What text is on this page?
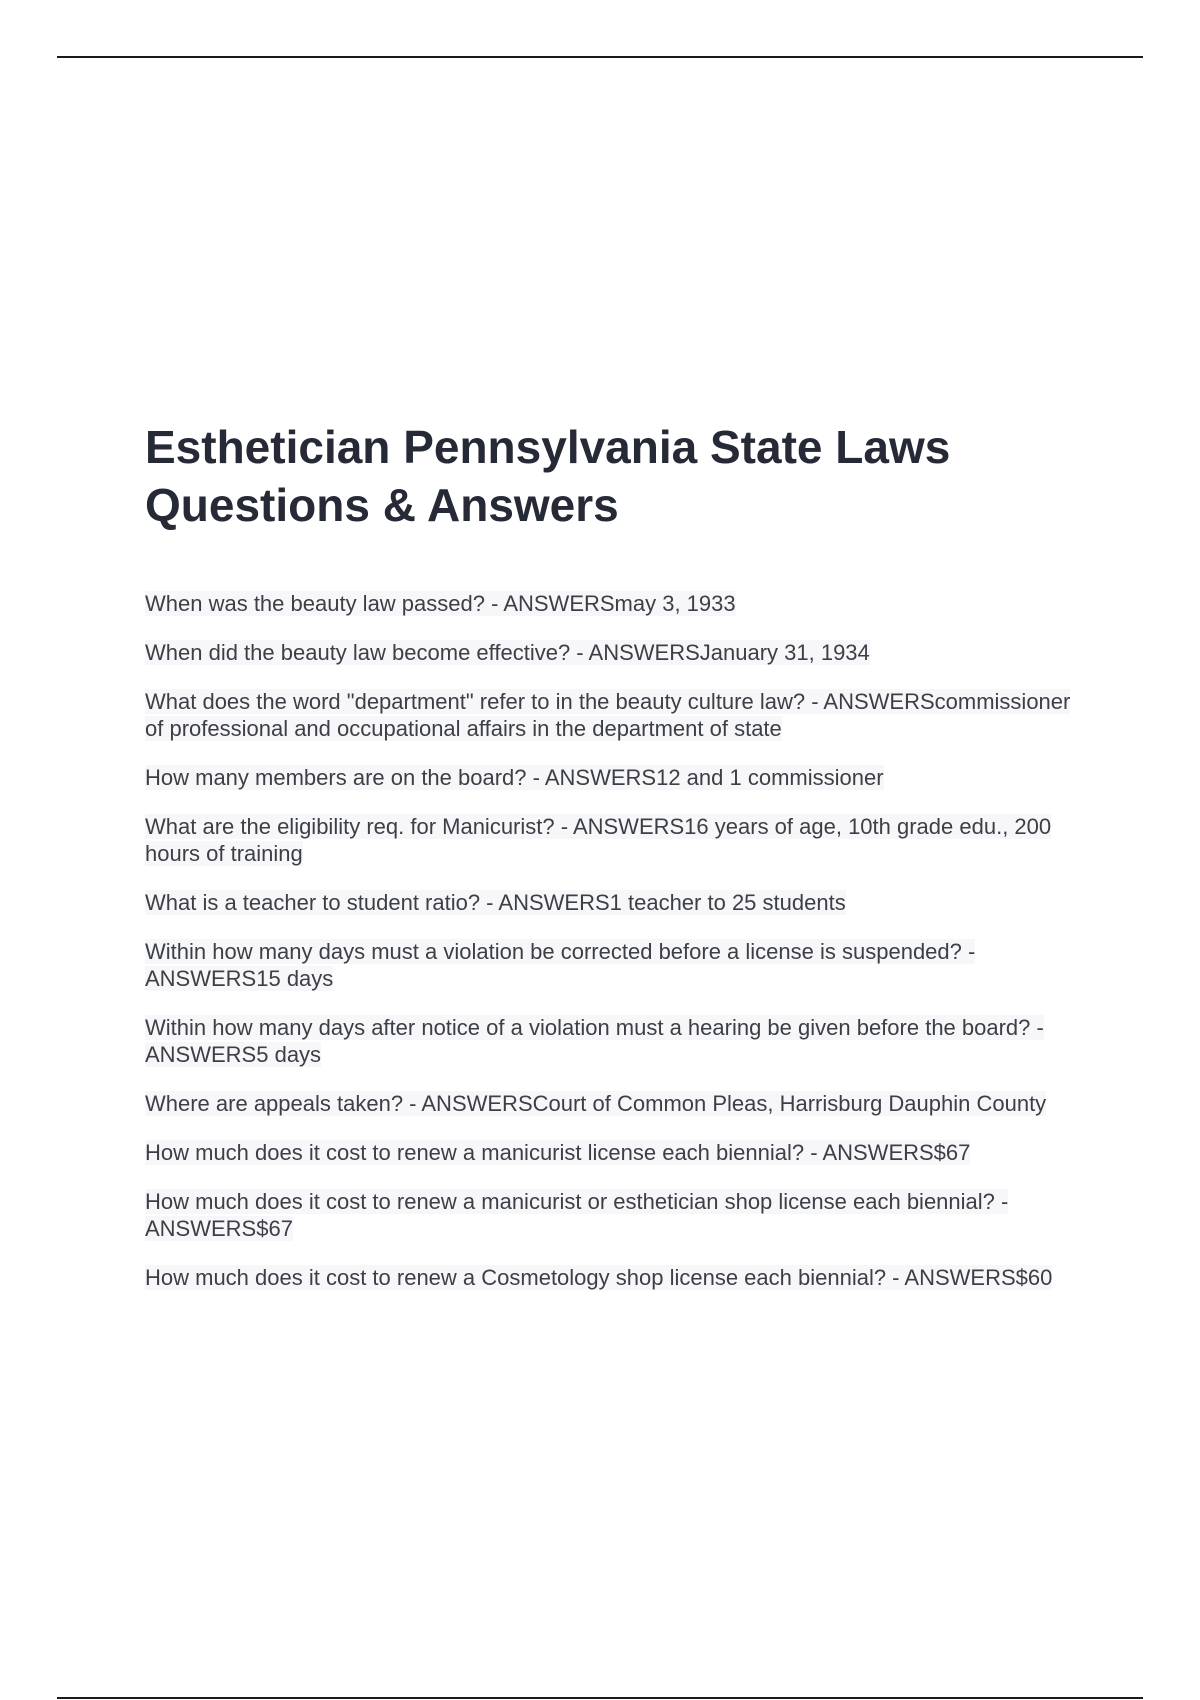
Esthetician Pennsylvania State Laws Questions & Answers
When was the beauty law passed? - ANSWERSmay 3, 1933
When did the beauty law become effective? - ANSWERSJanuary 31, 1934
What does the word "department" refer to in the beauty culture law? - ANSWERScommissioner of professional and occupational affairs in the department of state
How many members are on the board? - ANSWERS12 and 1 commissioner
What are the eligibility req. for Manicurist? - ANSWERS16 years of age, 10th grade edu., 200 hours of training
What is a teacher to student ratio? - ANSWERS1 teacher to 25 students
Within how many days must a violation be corrected before a license is suspended? - ANSWERS15 days
Within how many days after notice of a violation must a hearing be given before the board? - ANSWERS5 days
Where are appeals taken? - ANSWERSCourt of Common Pleas, Harrisburg Dauphin County
How much does it cost to renew a manicurist license each biennial? - ANSWERS$67
How much does it cost to renew a manicurist or esthetician shop license each biennial? - ANSWERS$67
How much does it cost to renew a Cosmetology shop license each biennial? - ANSWERS$60
